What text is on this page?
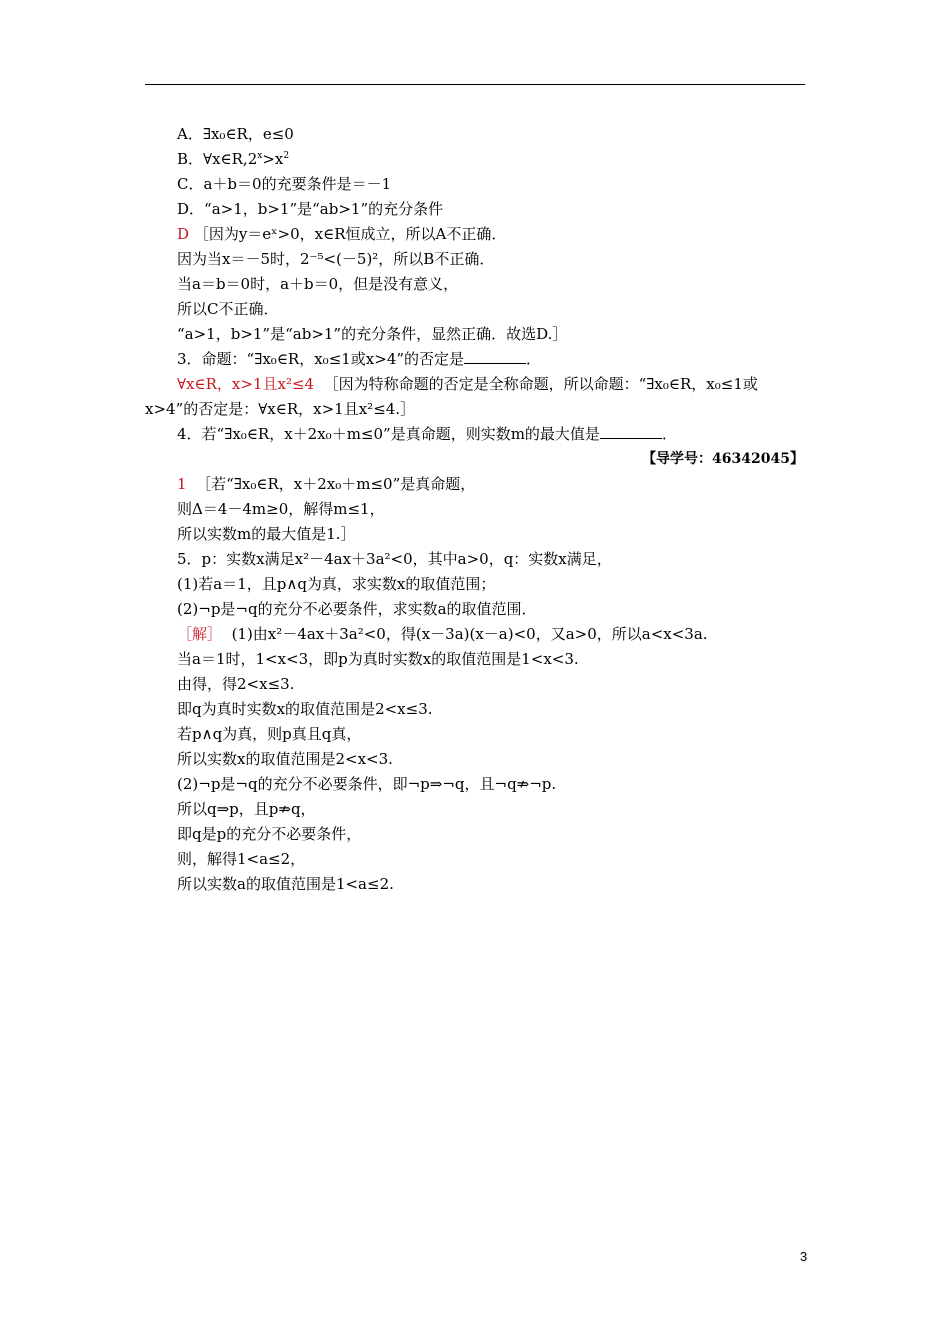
A．∃x₀∈R，e≤0
B．$\forall x\in R,2^x>x^2$
C．a＋b＝0的充要条件是＝－1
D．“a>1，b>1”是“ab>1”的充分条件
D ［因为y＝eˣ>0，x∈R恒成立，所以A不正确．
因为当x＝－5时，2⁻⁵<(－5)²，所以B不正确．
当a＝b＝0时，a＋b＝0，但是没有意义，
所以C不正确．
“a>1，b>1”是“ab>1”的充分条件，显然正确．故选D.］
3．命题：“∃x₀∈R，x₀≤1或x>4”的否定是	．
∀x∈R，x>1且x²≤4 ［因为特称命题的否定是全称命题，所以命题：“∃x₀∈R，x₀≤1或
x>4”的否定是：∀x∈R，x>1且x²≤4.］
4．若“∃x₀∈R，x＋2x₀＋m≤0”是真命题，则实数m的最大值是	．
【导学号：46342045】
1 ［若“∃x₀∈R，x＋2x₀＋m≤0”是真命题，
则Δ＝4－4m≥0，解得m≤1，
所以实数m的最大值是1.］
5．p：实数x满足x²－4ax＋3a²<0，其中a>0，q：实数x满足，
(1)若a＝1，且p∧q为真，求实数x的取值范围；
(2)¬p是¬q的充分不必要条件，求实数a的取值范围．
［解］ (1)由x²－4ax＋3a²<0，得(x－3a)(x－a)<0，又a>0，所以a<x<3a.
当a＝1时，1<x<3，即p为真时实数x的取值范围是1<x<3.
由得，得2<x≤3.
即q为真时实数x的取值范围是2<x≤3.
若p∧q为真，则p真且q真，
所以实数x的取值范围是2<x<3.
(2)¬p是¬q的充分不必要条件，即¬p⇒¬q，且¬q⇏¬p.
所以q⇒p，且p⇏q，
即q是p的充分不必要条件，
则，解得1<a≤2，
所以实数a的取值范围是1<a≤2.
3
